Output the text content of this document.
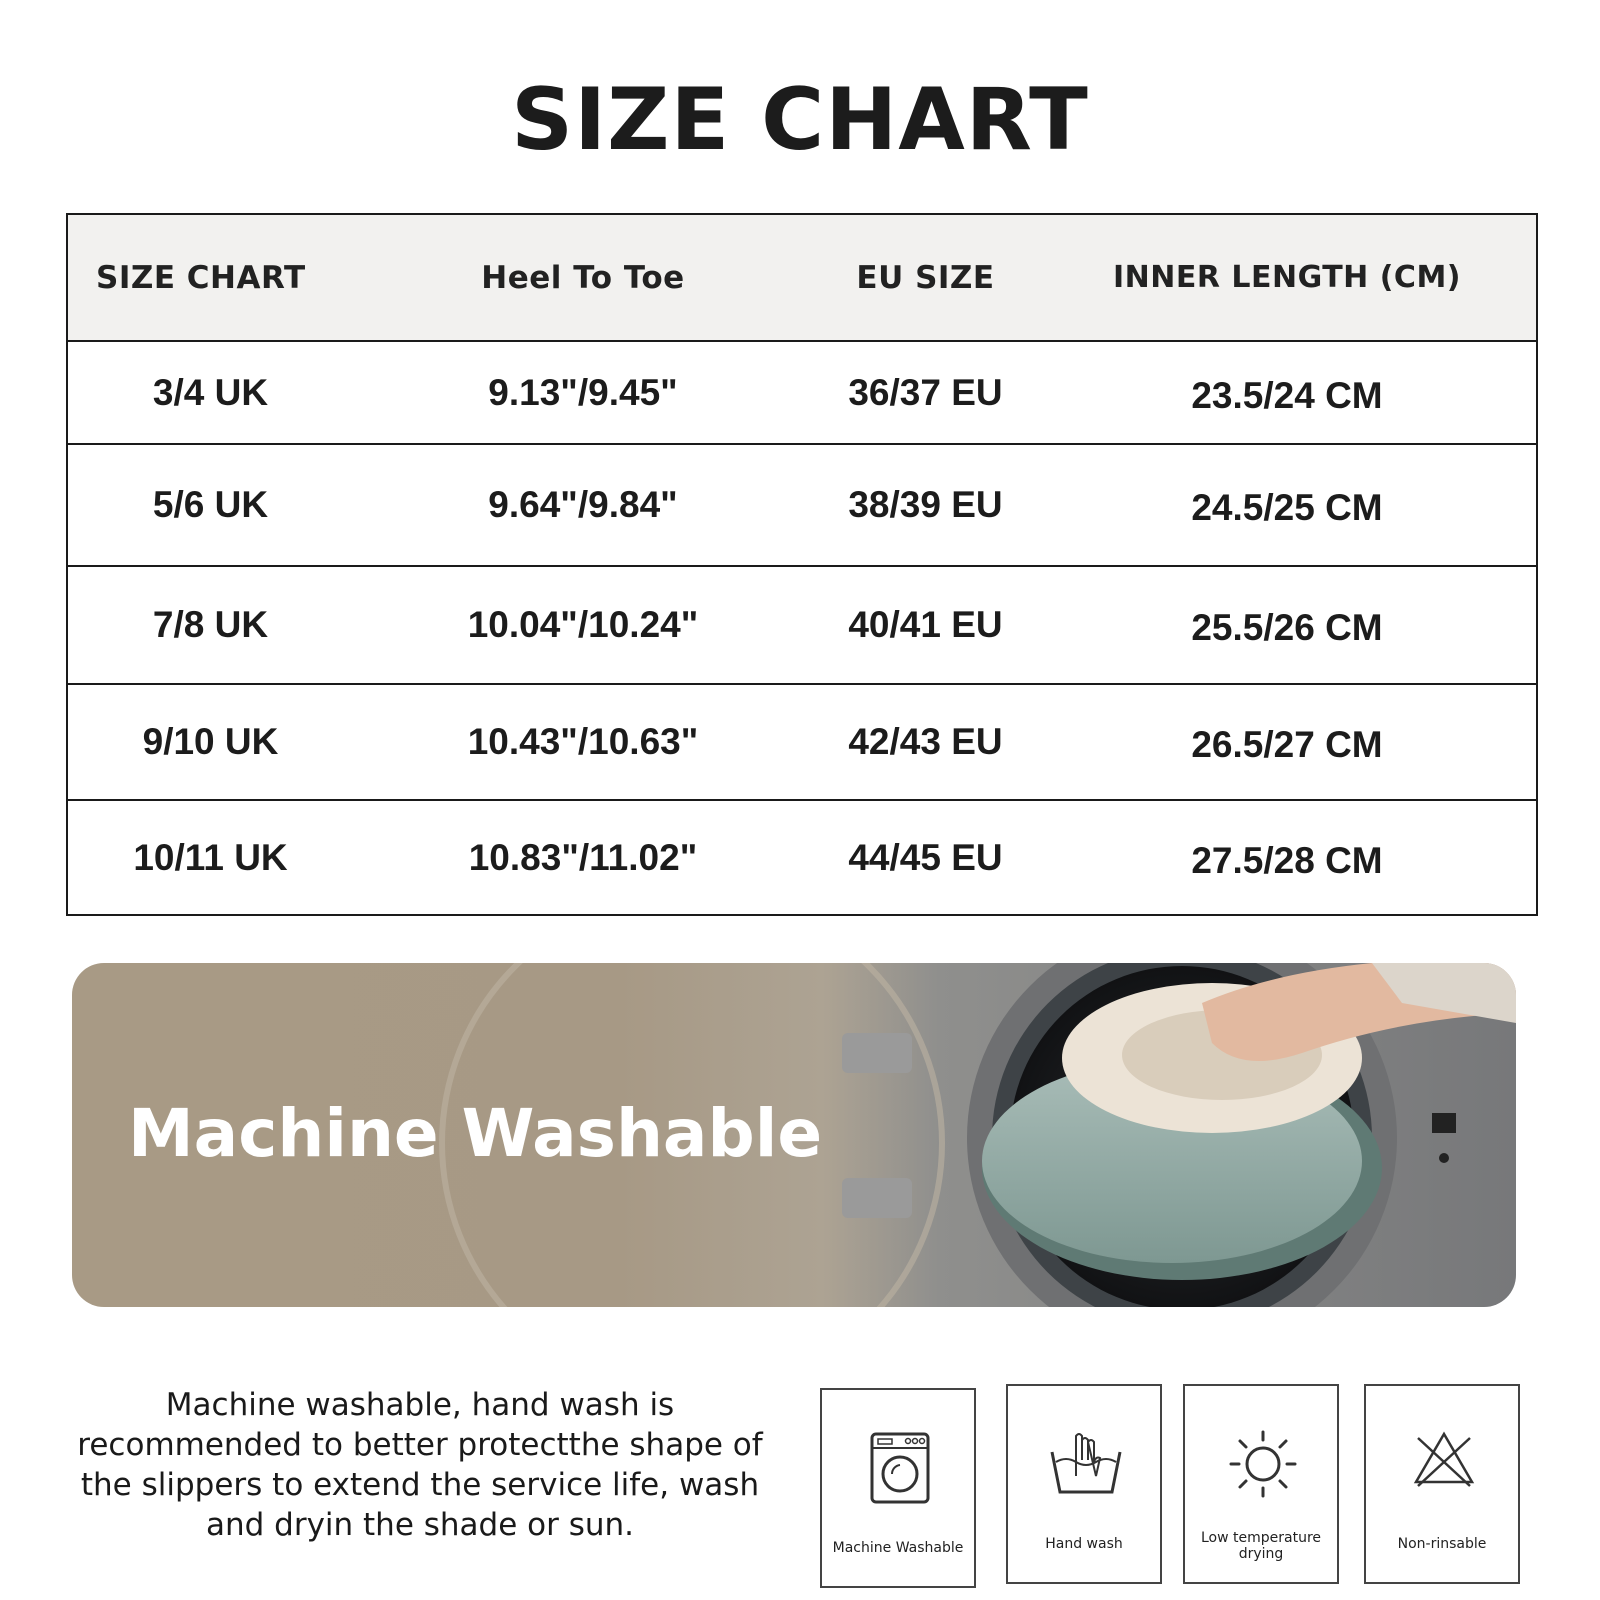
SIZE CHART
SIZE CHART	Heel To Toe	EU SIZE	INNER LENGTH (CM)
3/4 UK	9.13"/9.45"	36/37 EU	23.5/24 CM
5/6 UK	9.64"/9.84"	38/39 EU	24.5/25 CM
7/8 UK	10.04"/10.24"	40/41 EU	25.5/26 CM
9/10 UK	10.43"/10.63"	42/43 EU	26.5/27 CM
10/11 UK	10.83"/11.02"	44/45 EU	27.5/28 CM
Machine Washable
Machine washable, hand wash is
recommended to better protectthe shape of
the slippers to extend the service life, wash
and dryin the shade or sun.
Machine Washable	Hand wash	Low temperature
drying
Non-rinsable
